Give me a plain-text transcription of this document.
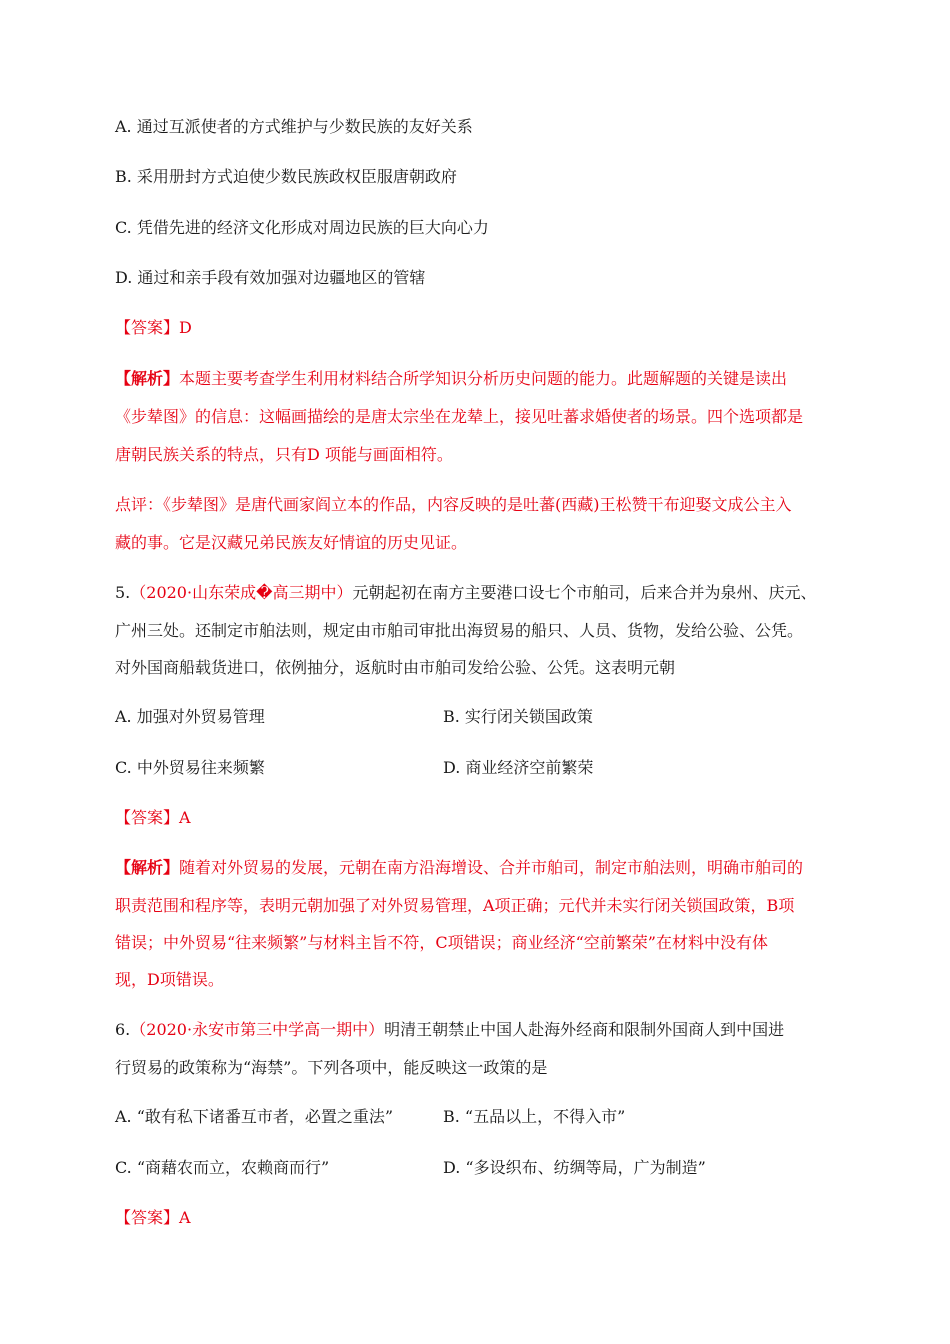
A. 通过互派使者的方式维护与少数民族的友好关系
B. 采用册封方式迫使少数民族政权臣服唐朝政府
C. 凭借先进的经济文化形成对周边民族的巨大向心力
D. 通过和亲手段有效加强对边疆地区的管辖
【答案】D
【解析】本题主要考查学生利用材料结合所学知识分析历史问题的能力。此题解题的关键是读出
《步辇图》的信息：这幅画描绘的是唐太宗坐在龙辇上，接见吐蕃求婚使者的场景。四个选项都是
唐朝民族关系的特点，只有D 项能与画面相符。
点评：《步辇图》是唐代画家阎立本的作品，内容反映的是吐蕃(西藏)王松赞干布迎娶文成公主入
藏的事。它是汉藏兄弟民族友好情谊的历史见证。
5.（2020·山东荣成�高三期中）元朝起初在南方主要港口设七个市舶司，后来合并为泉州、庆元、
广州三处。还制定市舶法则，规定由市舶司审批出海贸易的船只、人员、货物，发给公验、公凭。
对外国商船载货进口，依例抽分，返航时由市舶司发给公验、公凭。这表明元朝
A. 加强对外贸易管理	B. 实行闭关锁国政策
C. 中外贸易往来频繁	D. 商业经济空前繁荣
【答案】A
【解析】随着对外贸易的发展，元朝在南方沿海增设、合并市舶司，制定市舶法则，明确市舶司的
职责范围和程序等，表明元朝加强了对外贸易管理，A项正确；元代并未实行闭关锁国政策，B项
错误；中外贸易“往来频繁”与材料主旨不符，C项错误；商业经济“空前繁荣”在材料中没有体
现，D项错误。
6.（2020·永安市第三中学高一期中）明清王朝禁止中国人赴海外经商和限制外国商人到中国进
行贸易的政策称为“海禁”。下列各项中，能反映这一政策的是
A. “敢有私下诸番互市者，必置之重法”	B. “五品以上，不得入市”
C. “商藉农而立，农赖商而行”	D. “多设织布、纺绸等局，广为制造”
【答案】A
